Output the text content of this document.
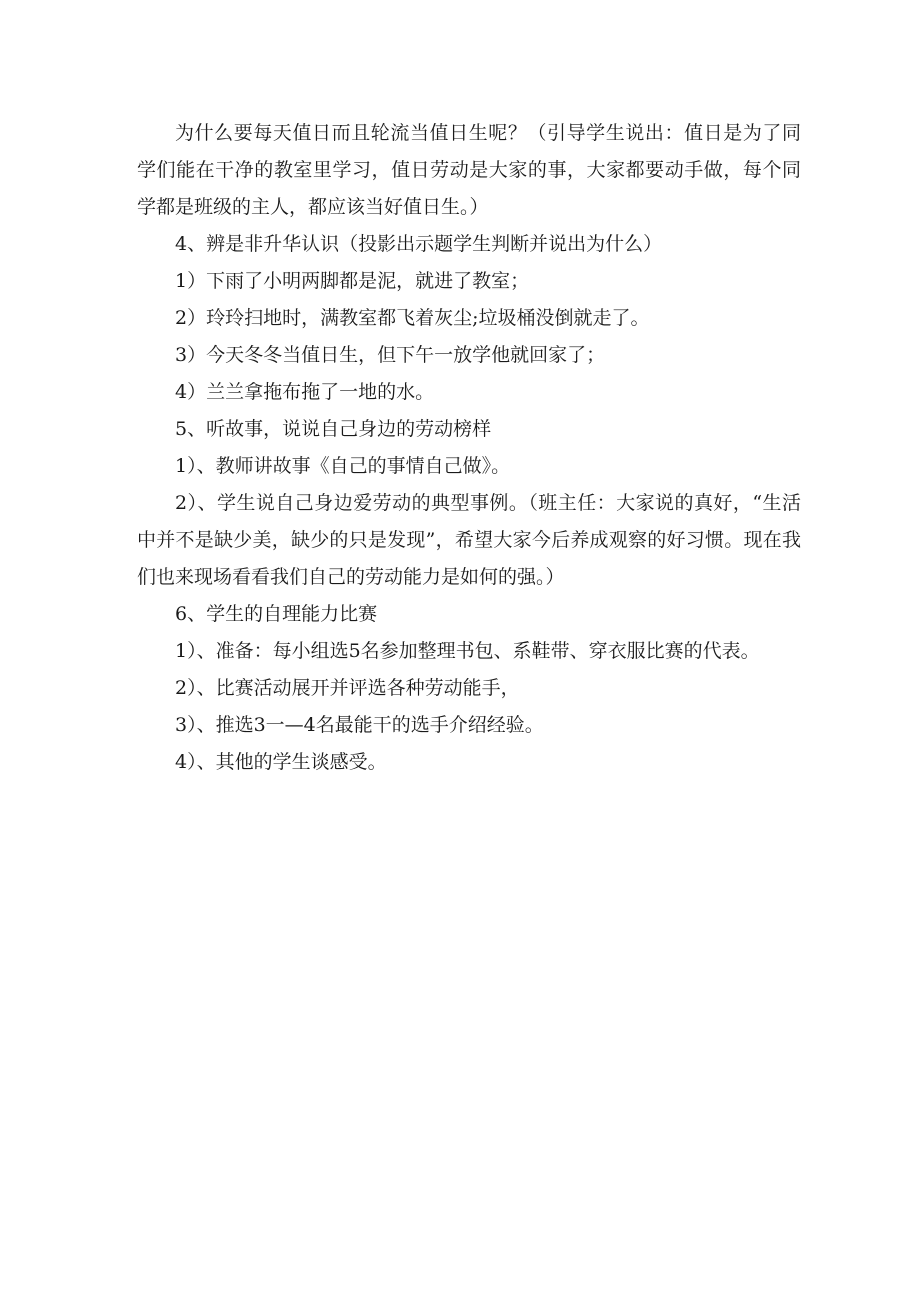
为什么要每天值日而且轮流当值日生呢？（引导学生说出：值日是为了同学们能在干净的教室里学习，值日劳动是大家的事，大家都要动手做，每个同学都是班级的主人，都应该当好值日生。）

4、辨是非升华认识（投影出示题学生判断并说出为什么）

1）下雨了小明两脚都是泥，就进了教室；

2）玲玲扫地时，满教室都飞着灰尘;垃圾桶没倒就走了。

3）今天冬冬当值日生，但下午一放学他就回家了；

4）兰兰拿拖布拖了一地的水。

5、听故事，说说自己身边的劳动榜样

1）、教师讲故事《自己的事情自己做》。

2）、学生说自己身边爱劳动的典型事例。（班主任：大家说的真好，“生活中并不是缺少美，缺少的只是发现”，希望大家今后养成观察的好习惯。现在我们也来现场看看我们自己的劳动能力是如何的强。）

6、学生的自理能力比赛

1）、准备：每小组选5名参加整理书包、系鞋带、穿衣服比赛的代表。

2）、比赛活动展开并评选各种劳动能手，

3）、推选3一—4名最能干的选手介绍经验。

4）、其他的学生谈感受。
